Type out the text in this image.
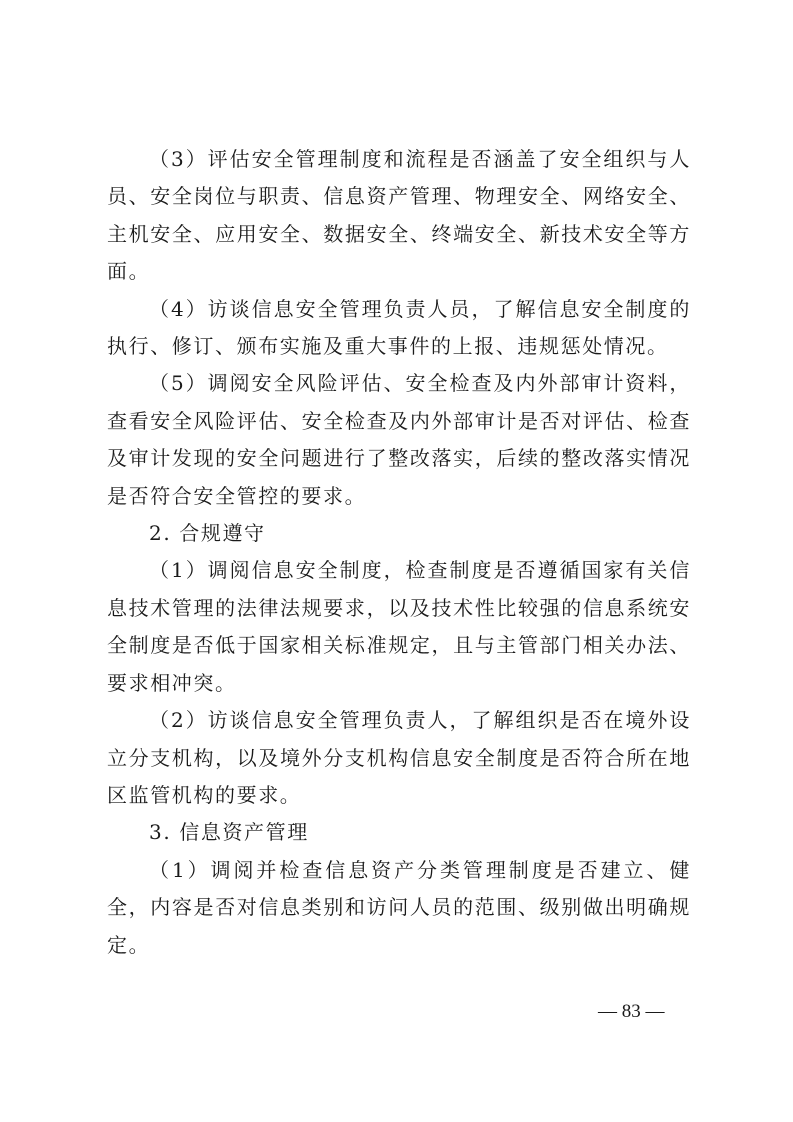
（3）评估安全管理制度和流程是否涵盖了安全组织与人员、安全岗位与职责、信息资产管理、物理安全、网络安全、主机安全、应用安全、数据安全、终端安全、新技术安全等方面。

（4）访谈信息安全管理负责人员，了解信息安全制度的执行、修订、颁布实施及重大事件的上报、违规惩处情况。

（5）调阅安全风险评估、安全检查及内外部审计资料，查看安全风险评估、安全检查及内外部审计是否对评估、检查及审计发现的安全问题进行了整改落实，后续的整改落实情况是否符合安全管控的要求。

2. 合规遵守

（1）调阅信息安全制度，检查制度是否遵循国家有关信息技术管理的法律法规要求，以及技术性比较强的信息系统安全制度是否低于国家相关标准规定，且与主管部门相关办法、要求相冲突。

（2）访谈信息安全管理负责人，了解组织是否在境外设立分支机构，以及境外分支机构信息安全制度是否符合所在地区监管机构的要求。

3. 信息资产管理

（1）调阅并检查信息资产分类管理制度是否建立、健全，内容是否对信息类别和访问人员的范围、级别做出明确规定。

— 83 —
